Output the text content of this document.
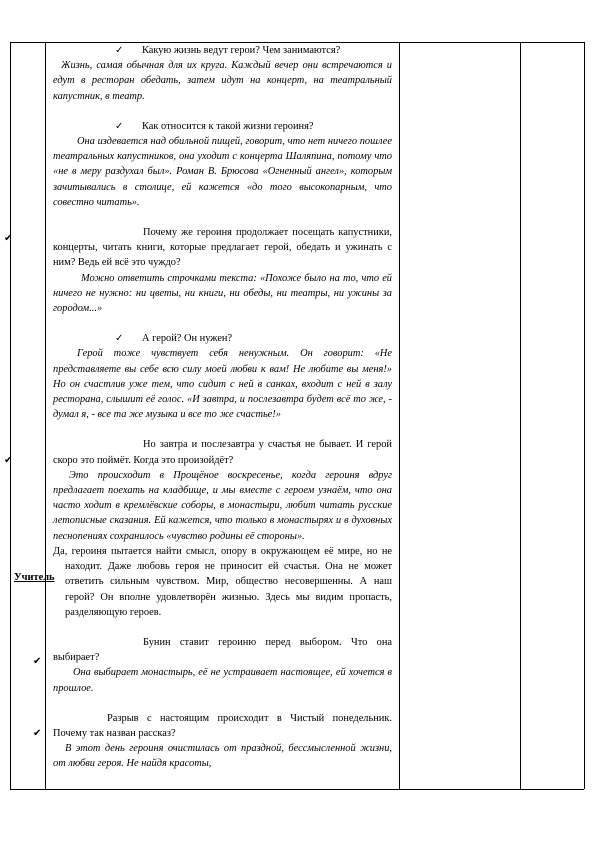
✔
✔
✔
✔
Учитель
✓ Какую жизнь ведут герои? Чем занимаются?
Жизнь, самая обычная для их круга. Каждый вечер они встречаются и едут в ресторан обедать, затем идут на концерт, на театральный капустник, в театр.
✓ Как относится к такой жизни героиня?
Она издевается над обильной пищей, говорит, что нет ничего пошлее театральных капустников, она уходит с концерта Шаляпина, потому что «не в меру раздухал был». Роман В. Брюсова «Огненный ангел», которым зачитывались в столице, ей кажется «до того высокопарным, что совестно читать».
Почему же героиня продолжает посещать капустники, концерты, читать книги, которые предлагает герой, обедать и ужинать с ним? Ведь ей всё это чуждо?
Можно ответить строчками текста: «Похоже было на то, что ей ничего не нужно: ни цветы, ни книги, ни обеды, ни театры, ни ужины за городом...»
✓ А герой? Он нужен?
Герой тоже чувствует себя ненужным. Он говорит: «Не представляете вы себе всю силу моей любви к вам! Не любите вы меня!» Но он счастлив уже тем, что сидит с ней в санках, входит с ней в залу ресторана, слышит её голос. «И завтра, и послезавтра будет всё то же, - думал я, - все та же музыка и все то же счастье!»
Но завтра и послезавтра у счастья не бывает. И герой скоро это поймёт. Когда это произойдёт?
Это происходит в Прощёное воскресенье, когда героиня вдруг предлагает поехать на кладбище, и мы вместе с героем узнаём, что она часто ходит в кремлёвские соборы, в монастыри, любит читать русские летописные сказания. Ей кажется, что только в монастырях и в духовных песнопениях сохранилось «чувство родины её стороны».
Да, героиня пытается найти смысл, опору в окружающем её мире, но не находит. Даже любовь героя не приносит ей счастья. Она не может ответить сильным чувством. Мир, общество несовершенны. А наш герой? Он вполне удовлетворён жизнью. Здесь мы видим пропасть, разделяющую героев.
Бунин ставит героиню перед выбором. Что она выбирает?
Она выбирает монастырь, её не устраивает настоящее, ей хочется в прошлое.
Разрыв с настоящим происходит в Чистый понедельник. Почему так назван рассказ?
В этот день героиня очистилась от праздной, бессмысленной жизни, от любви героя. Не найдя красоты,
